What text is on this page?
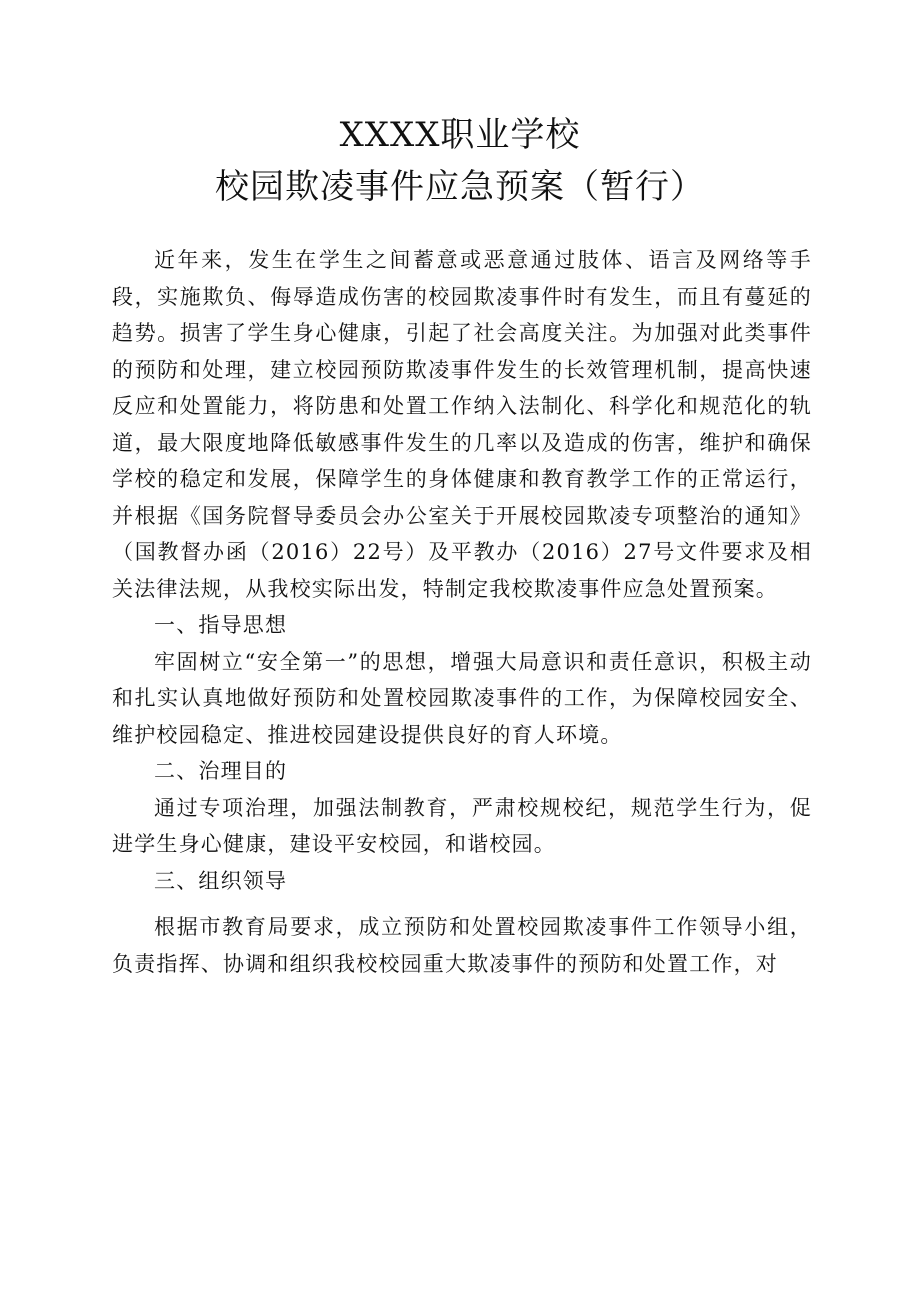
XXXX职业学校
校园欺凌事件应急预案（暂行）

近年来，发生在学生之间蓄意或恶意通过肢体、语言及网络等手段，实施欺负、侮辱造成伤害的校园欺凌事件时有发生，而且有蔓延的趋势。损害了学生身心健康，引起了社会高度关注。为加强对此类事件的预防和处理，建立校园预防欺凌事件发生的长效管理机制，提高快速反应和处置能力，将防患和处置工作纳入法制化、科学化和规范化的轨道，最大限度地降低敏感事件发生的几率以及造成的伤害，维护和确保学校的稳定和发展，保障学生的身体健康和教育教学工作的正常运行，并根据《国务院督导委员会办公室关于开展校园欺凌专项整治的通知》（国教督办函（2016）22号）及平教办（2016）27号文件要求及相关法律法规，从我校实际出发，特制定我校欺凌事件应急处置预案。

一、指导思想

牢固树立“安全第一”的思想，增强大局意识和责任意识，积极主动和扎实认真地做好预防和处置校园欺凌事件的工作，为保障校园安全、维护校园稳定、推进校园建设提供良好的育人环境。

二、治理目的

通过专项治理，加强法制教育，严肃校规校纪，规范学生行为，促进学生身心健康，建设平安校园，和谐校园。

三、组织领导

根据市教育局要求，成立预防和处置校园欺凌事件工作领导小组，负责指挥、协调和组织我校校园重大欺凌事件的预防和处置工作，对
